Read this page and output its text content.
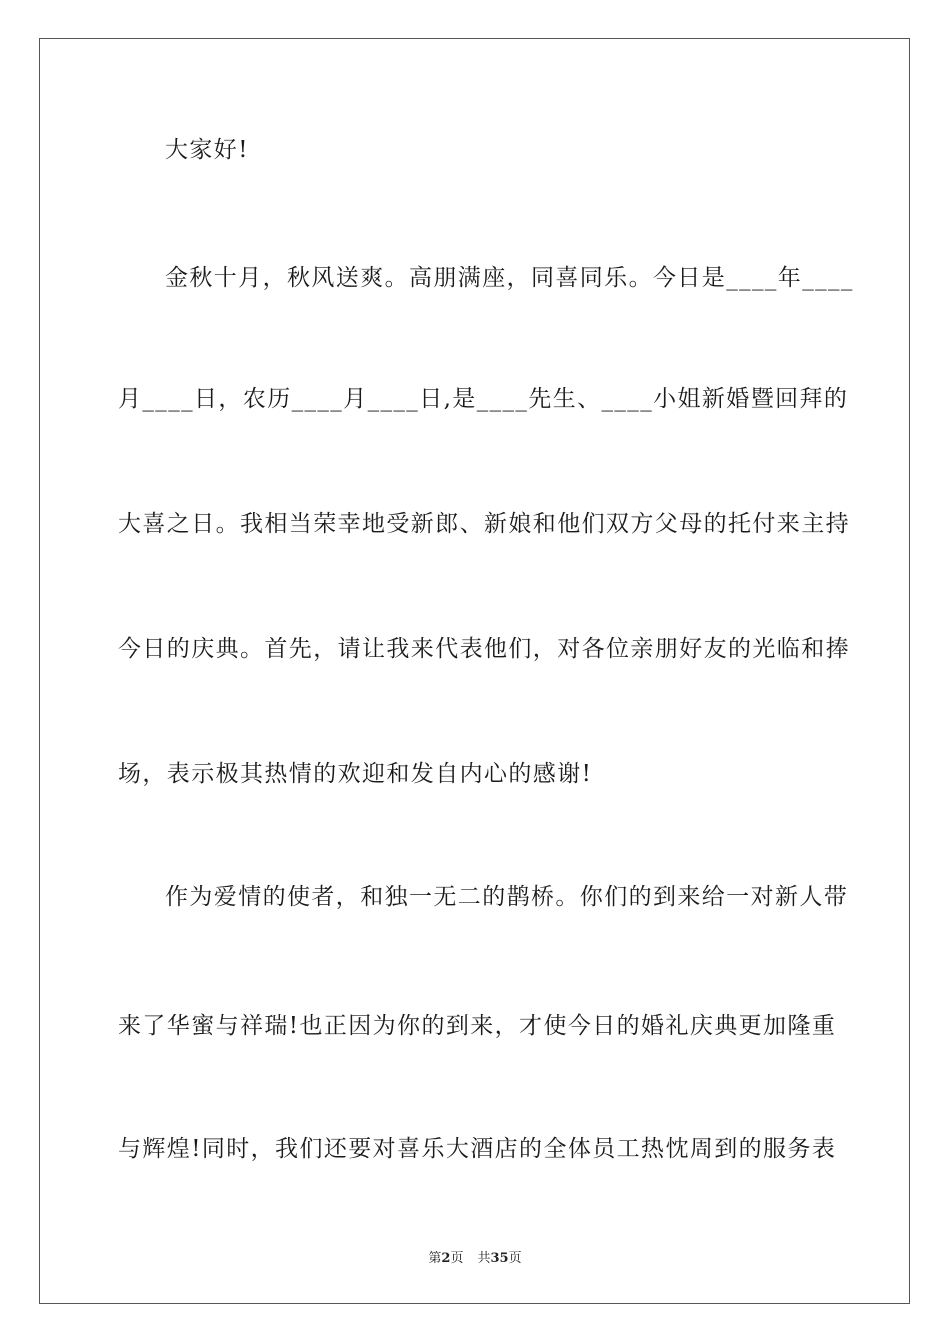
大家好!
金秋十月，秋风送爽。高朋满座，同喜同乐。今日是____年____
月____日，农历____月____日,是____先生、____小姐新婚暨回拜的
大喜之日。我相当荣幸地受新郎、新娘和他们双方父母的托付来主持
今日的庆典。首先，请让我来代表他们，对各位亲朋好友的光临和捧
场，表示极其热情的欢迎和发自内心的感谢!
作为爱情的使者，和独一无二的鹊桥。你们的到来给一对新人带
来了华蜜与祥瑞!也正因为你的到来，才使今日的婚礼庆典更加隆重
与辉煌!同时，我们还要对喜乐大酒店的全体员工热忱周到的服务表
第2页 共35页
